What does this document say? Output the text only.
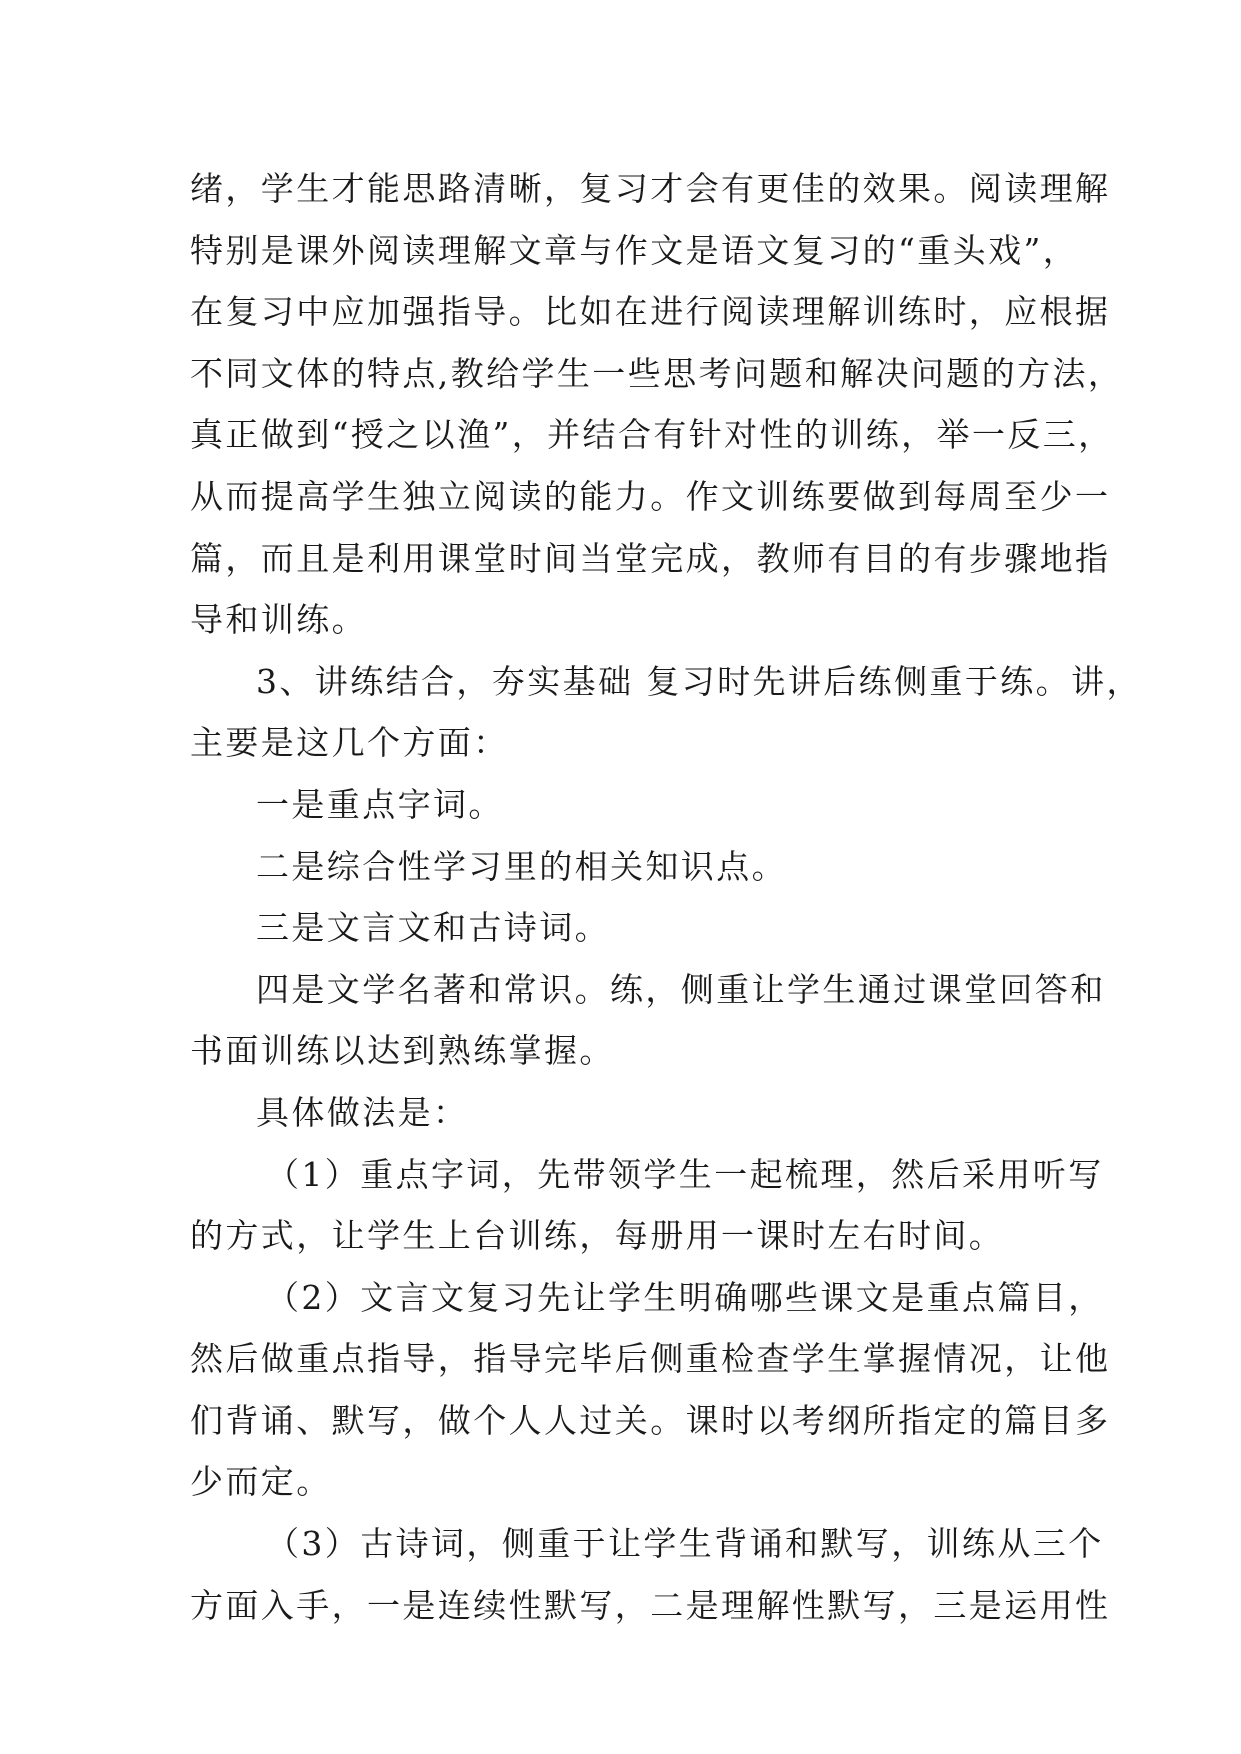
绪，学生才能思路清晰，复习才会有更佳的效果。阅读理解
特别是课外阅读理解文章与作文是语文复习的“重头戏”，
在复习中应加强指导。比如在进行阅读理解训练时，应根据
不同文体的特点,教给学生一些思考问题和解决问题的方法，
真正做到“授之以渔”，并结合有针对性的训练，举一反三，
从而提高学生独立阅读的能力。作文训练要做到每周至少一
篇，而且是利用课堂时间当堂完成，教师有目的有步骤地指
导和训练。
3、讲练结合，夯实基础 复习时先讲后练侧重于练。讲，
主要是这几个方面：
一是重点字词。
二是综合性学习里的相关知识点。
三是文言文和古诗词。
四是文学名著和常识。练，侧重让学生通过课堂回答和
书面训练以达到熟练掌握。
具体做法是：
（1）重点字词，先带领学生一起梳理，然后采用听写
的方式，让学生上台训练，每册用一课时左右时间。
（2）文言文复习先让学生明确哪些课文是重点篇目，
然后做重点指导，指导完毕后侧重检查学生掌握情况，让他
们背诵、默写，做个人人过关。课时以考纲所指定的篇目多
少而定。
（3）古诗词，侧重于让学生背诵和默写，训练从三个
方面入手，一是连续性默写，二是理解性默写，三是运用性
